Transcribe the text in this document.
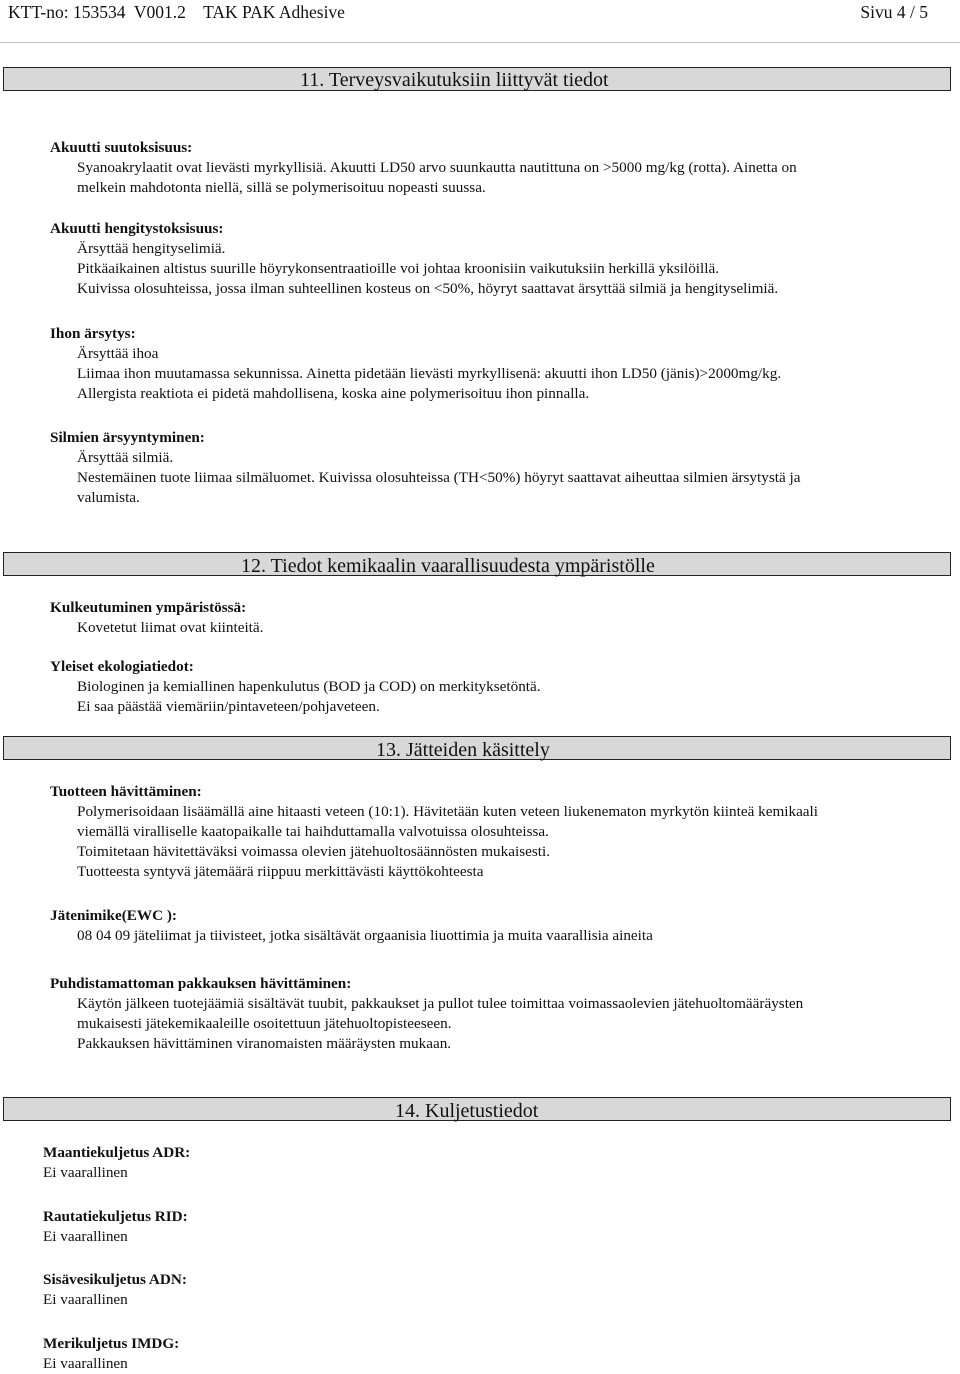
KTT-no: 153534  V001.2    TAK PAK Adhesive	Sivu 4 / 5
11. Terveysvaikutuksiin liittyvät tiedot
Akuutti suutoksisuus:
Syanoakrylaatit ovat lievästi myrkyllisiä. Akuutti LD50 arvo suunkautta nautittuna on >5000 mg/kg (rotta). Ainetta on
melkein mahdotonta niellä, sillä se polymerisoituu nopeasti suussa.
Akuutti hengitystoksisuus:
Ärsyttää hengityselimiä.
Pitkäaikainen altistus suurille höyrykonsentraatioille voi johtaa kroonisiin vaikutuksiin herkillä yksilöillä.
Kuivissa olosuhteissa, jossa ilman suhteellinen kosteus on <50%, höyryt saattavat ärsyttää silmiä ja hengityselimiä.
Ihon ärsytys:
Ärsyttää ihoa
Liimaa ihon muutamassa sekunnissa. Ainetta pidetään lievästi myrkyllisenä: akuutti ihon LD50 (jänis)>2000mg/kg.
Allergista reaktiota ei pidetä mahdollisena, koska aine polymerisoituu ihon pinnalla.
Silmien ärsyyntyminen:
Ärsyttää silmiä.
Nestemäinen tuote liimaa silmäluomet. Kuivissa olosuhteissa (TH<50%) höyryt saattavat aiheuttaa silmien ärsytystä ja
valumista.
12. Tiedot kemikaalin vaarallisuudesta ympäristölle
Kulkeutuminen ympäristössä:
Kovetetut liimat ovat kiinteitä.
Yleiset ekologiatiedot:
Biologinen ja kemiallinen hapenkulutus (BOD ja COD) on merkityksetöntä.
Ei saa päästää viemäriin/pintaveteen/pohjaveteen.
13. Jätteiden käsittely
Tuotteen hävittäminen:
Polymerisoidaan lisäämällä aine hitaasti veteen (10:1). Hävitetään kuten veteen liukenematon myrkytön kiinteä kemikaali
viemällä viralliselle kaatopaikalle tai haihduttamalla valvotuissa olosuhteissa.
Toimitetaan hävitettäväksi voimassa olevien jätehuoltosäännösten mukaisesti.
Tuotteesta syntyvä jätemäärä riippuu merkittävästi käyttökohteesta
Jätenimike(EWC ):
08 04 09 jäteliimat ja tiivisteet, jotka sisältävät orgaanisia liuottimia ja muita vaarallisia aineita
Puhdistamattoman pakkauksen hävittäminen:
Käytön jälkeen tuotejäämiä sisältävät tuubit, pakkaukset ja pullot tulee toimittaa voimassaolevien jätehuoltomääräysten
mukaisesti jätekemikaaleille osoitettuun jätehuoltopisteeseen.
Pakkauksen hävittäminen viranomaisten määräysten mukaan.
14. Kuljetustiedot
Maantiekuljetus ADR:
Ei vaarallinen
Rautatiekuljetus RID:
Ei vaarallinen
Sisävesikuljetus ADN:
Ei vaarallinen
Merikuljetus IMDG:
Ei vaarallinen
